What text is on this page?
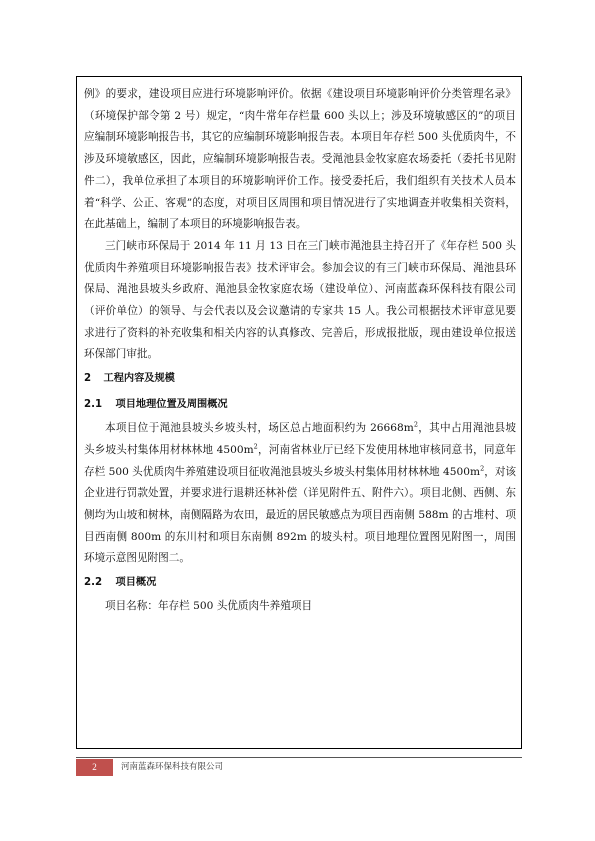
例》的要求，建设项目应进行环境影响评价。依据《建设项目环境影响评价分类管理名录》（环境保护部令第 2 号）规定，“肉牛常年存栏量 600 头以上；涉及环境敏感区的”的项目应编制环境影响报告书，其它的应编制环境影响报告表。本项目年存栏 500 头优质肉牛，不涉及环境敏感区，因此，应编制环境影响报告表。受渑池县金牧家庭农场委托（委托书见附件二），我单位承担了本项目的环境影响评价工作。接受委托后，我们组织有关技术人员本着“科学、公正、客观”的态度，对项目区周围和项目情况进行了实地调查并收集相关资料，在此基础上，编制了本项目的环境影响报告表。

三门峡市环保局于 2014 年 11 月 13 日在三门峡市渑池县主持召开了《年存栏 500 头优质肉牛养殖项目环境影响报告表》技术评审会。参加会议的有三门峡市环保局、渑池县环保局、渑池县坡头乡政府、渑池县金牧家庭农场（建设单位）、河南蓝森环保科技有限公司（评价单位）的领导、与会代表以及会议邀请的专家共 15 人。我公司根据技术评审意见要求进行了资料的补充收集和相关内容的认真修改、完善后，形成报批版，现由建设单位报送环保部门审批。

2 工程内容及规模
2.1 项目地理位置及周围概况

本项目位于渑池县坡头乡坡头村，场区总占地面积约为 $26668m^2$，其中占用渑池县坡头乡坡头村集体用材林林地 $4500m^2$，河南省林业厅已经下发使用林地审核同意书，同意年存栏 500 头优质肉牛养殖建设项目征收渑池县坡头乡坡头村集体用材林林地 $4500m^2$，对该企业进行罚款处置，并要求进行退耕还林补偿（详见附件五、附件六）。项目北侧、西侧、东侧均为山坡和树林，南侧隔路为农田，最近的居民敏感点为项目西南侧 588m 的古堆村、项目西南侧 800m 的东川村和项目东南侧 892m 的坡头村。项目地理位置图见附图一，周围环境示意图见附图二。

2.2 项目概况

项目名称：年存栏 500 头优质肉牛养殖项目

2	河南蓝森环保科技有限公司
